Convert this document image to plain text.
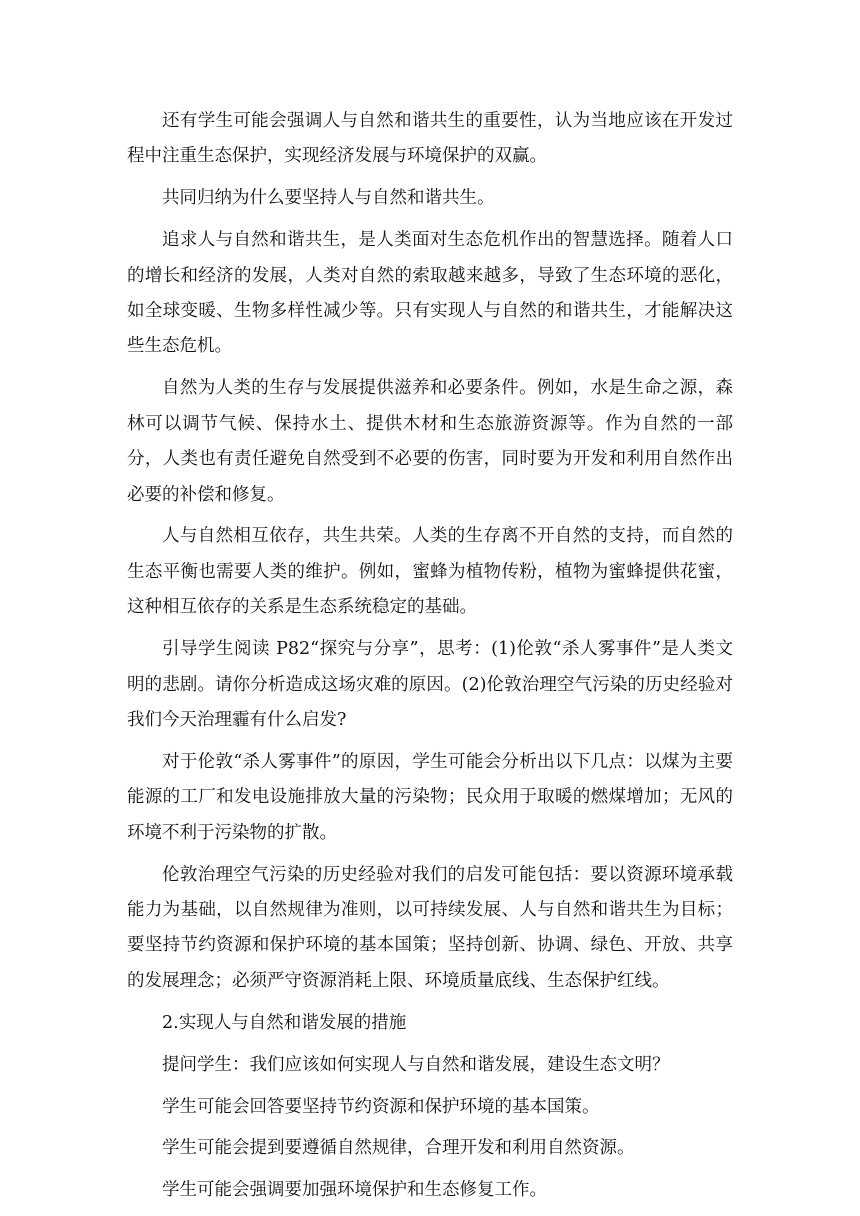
还有学生可能会强调人与自然和谐共生的重要性，认为当地应该在开发过程中注重生态保护，实现经济发展与环境保护的双赢。

共同归纳为什么要坚持人与自然和谐共生。

追求人与自然和谐共生，是人类面对生态危机作出的智慧选择。随着人口的增长和经济的发展，人类对自然的索取越来越多，导致了生态环境的恶化，如全球变暖、生物多样性减少等。只有实现人与自然的和谐共生，才能解决这些生态危机。

自然为人类的生存与发展提供滋养和必要条件。例如，水是生命之源，森林可以调节气候、保持水土、提供木材和生态旅游资源等。作为自然的一部分，人类也有责任避免自然受到不必要的伤害，同时要为开发和利用自然作出必要的补偿和修复。

人与自然相互依存，共生共荣。人类的生存离不开自然的支持，而自然的生态平衡也需要人类的维护。例如，蜜蜂为植物传粉，植物为蜜蜂提供花蜜，这种相互依存的关系是生态系统稳定的基础。

引导学生阅读 P82“探究与分享”，思考：(1)伦敦“杀人雾事件”是人类文明的悲剧。请你分析造成这场灾难的原因。(2)伦敦治理空气污染的历史经验对我们今天治理霾有什么启发?

对于伦敦“杀人雾事件”的原因，学生可能会分析出以下几点：以煤为主要能源的工厂和发电设施排放大量的污染物；民众用于取暖的燃煤增加；无风的环境不利于污染物的扩散。

伦敦治理空气污染的历史经验对我们的启发可能包括：要以资源环境承载能力为基础，以自然规律为准则，以可持续发展、人与自然和谐共生为目标；要坚持节约资源和保护环境的基本国策；坚持创新、协调、绿色、开放、共享的发展理念；必须严守资源消耗上限、环境质量底线、生态保护红线。

2.实现人与自然和谐发展的措施

提问学生：我们应该如何实现人与自然和谐发展，建设生态文明？

学生可能会回答要坚持节约资源和保护环境的基本国策。

学生可能会提到要遵循自然规律，合理开发和利用自然资源。

学生可能会强调要加强环境保护和生态修复工作。
